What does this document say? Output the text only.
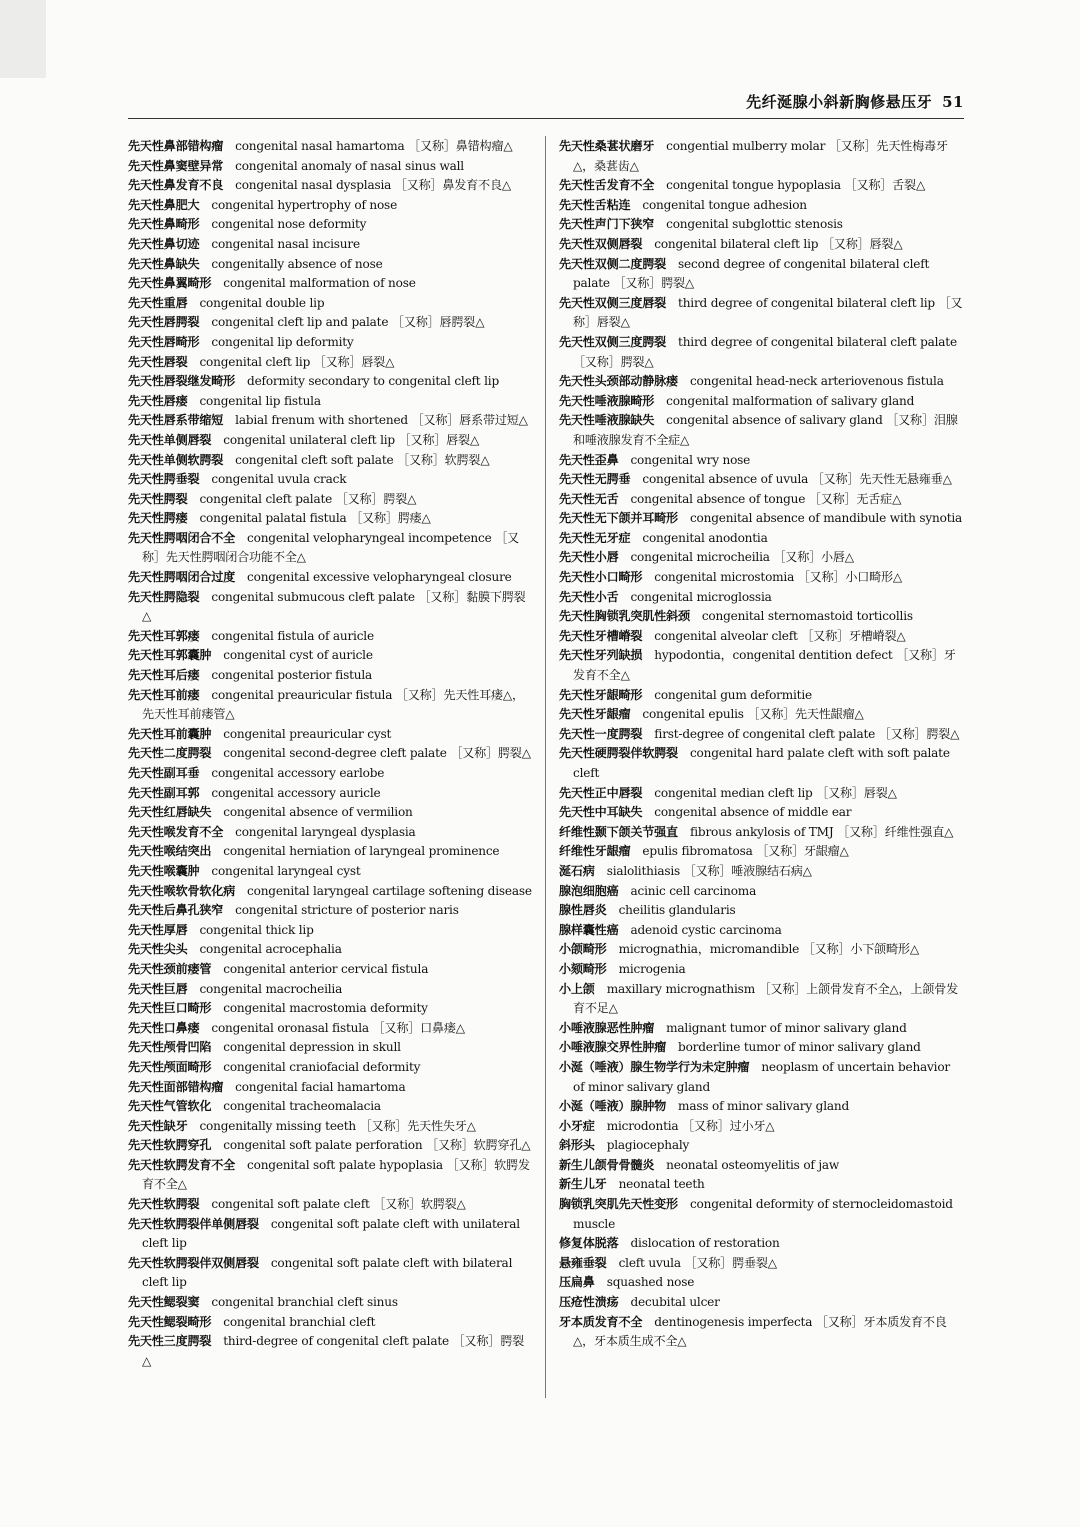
先纤涎腺小斜新胸修悬压牙 51
先天性鼻部错构瘤 congenital nasal hamartoma ［又称］鼻错构瘤△
先天性鼻窦壁异常 congenital anomaly of nasal sinus wall
先天性鼻发育不良 congenital nasal dysplasia ［又称］鼻发育不良△
先天性鼻肥大 congenital hypertrophy of nose
先天性鼻畸形 congenital nose deformity
先天性鼻切迹 congenital nasal incisure
先天性鼻缺失 congenitally absence of nose
先天性鼻翼畸形 congenital malformation of nose
先天性重唇 congenital double lip
先天性唇腭裂 congenital cleft lip and palate ［又称］唇腭裂△
先天性唇畸形 congenital lip deformity
先天性唇裂 congenital cleft lip ［又称］唇裂△
先天性唇裂继发畸形 deformity secondary to congenital cleft lip
先天性唇瘘 congenital lip fistula
先天性唇系带缩短 labial frenum with shortened ［又称］唇系带过短△
先天性单侧唇裂 congenital unilateral cleft lip ［又称］唇裂△
先天性单侧软腭裂 congenital cleft soft palate ［又称］软腭裂△
先天性腭垂裂 congenital uvula crack
先天性腭裂 congenital cleft palate ［又称］腭裂△
先天性腭瘘 congenital palatal fistula ［又称］腭瘘△
先天性腭咽闭合不全 congenital velopharyngeal incompetence ［又称］先天性腭咽闭合功能不全△
先天性腭咽闭合过度 congenital excessive velopharyngeal closure
先天性腭隐裂 congenital submucous cleft palate ［又称］黏膜下腭裂△
先天性耳郭瘘 congenital fistula of auricle
先天性耳郭囊肿 congenital cyst of auricle
先天性耳后瘘 congenital posterior fistula
先天性耳前瘘 congenital preauricular fistula ［又称］先天性耳瘘△，先天性耳前瘘管△
先天性耳前囊肿 congenital preauricular cyst
先天性二度腭裂 congenital second-degree cleft palate ［又称］腭裂△
先天性副耳垂 congenital accessory earlobe
先天性副耳郭 congenital accessory auricle
先天性红唇缺失 congenital absence of vermilion
先天性喉发育不全 congenital laryngeal dysplasia
先天性喉结突出 congenital herniation of laryngeal prominence
先天性喉囊肿 congenital laryngeal cyst
先天性喉软骨软化病 congenital laryngeal cartilage softening disease
先天性后鼻孔狭窄 congenital stricture of posterior naris
先天性厚唇 congenital thick lip
先天性尖头 congenital acrocephalia
先天性颈前瘘管 congenital anterior cervical fistula
先天性巨唇 congenital macrocheilia
先天性巨口畸形 congenital macrostomia deformity
先天性口鼻瘘 congenital oronasal fistula ［又称］口鼻瘘△
先天性颅骨凹陷 congenital depression in skull
先天性颅面畸形 congenital craniofacial deformity
先天性面部错构瘤 congenital facial hamartoma
先天性气管软化 congenital tracheomalacia
先天性缺牙 congenitally missing teeth ［又称］先天性失牙△
先天性软腭穿孔 congenital soft palate perforation ［又称］软腭穿孔△
先天性软腭发育不全 congenital soft palate hypoplasia ［又称］软腭发育不全△
先天性软腭裂 congenital soft palate cleft ［又称］软腭裂△
先天性软腭裂伴单侧唇裂 congenital soft palate cleft with unilateral cleft lip
先天性软腭裂伴双侧唇裂 congenital soft palate cleft with bilateral cleft lip
先天性鳃裂窦 congenital branchial cleft sinus
先天性鳃裂畸形 congenital branchial cleft
先天性三度腭裂 third-degree of congenital cleft palate ［又称］腭裂△
先天性桑葚状磨牙 congential mulberry molar ［又称］先天性梅毒牙△，桑葚齿△
先天性舌发育不全 congenital tongue hypoplasia ［又称］舌裂△
先天性舌粘连 congenital tongue adhesion
先天性声门下狭窄 congenital subglottic stenosis
先天性双侧唇裂 congenital bilateral cleft lip ［又称］唇裂△
先天性双侧二度腭裂 second degree of congenital bilateral cleft palate ［又称］腭裂△
先天性双侧三度唇裂 third degree of congenital bilateral cleft lip ［又称］唇裂△
先天性双侧三度腭裂 third degree of congenital bilateral cleft palate ［又称］腭裂△
先天性头颈部动静脉瘘 congenital head-neck arteriovenous fistula
先天性唾液腺畸形 congenital malformation of salivary gland
先天性唾液腺缺失 congenital absence of salivary gland ［又称］泪腺和唾液腺发育不全症△
先天性歪鼻 congenital wry nose
先天性无腭垂 congenital absence of uvula ［又称］先天性无悬雍垂△
先天性无舌 congenital absence of tongue ［又称］无舌症△
先天性无下颌并耳畸形 congenital absence of mandibule with synotia
先天性无牙症 congenital anodontia
先天性小唇 congenital microcheilia ［又称］小唇△
先天性小口畸形 congenital microstomia ［又称］小口畸形△
先天性小舌 congenital microglossia
先天性胸锁乳突肌性斜颈 congenital sternomastoid torticollis
先天性牙槽嵴裂 congenital alveolar cleft ［又称］牙槽嵴裂△
先天性牙列缺损 hypodontia，congenital dentition defect ［又称］牙发育不全△
先天性牙龈畸形 congenital gum deformitie
先天性牙龈瘤 congenital epulis ［又称］先天性龈瘤△
先天性一度腭裂 first-degree of congenital cleft palate ［又称］腭裂△
先天性硬腭裂伴软腭裂 congenital hard palate cleft with soft palate cleft
先天性正中唇裂 congenital median cleft lip ［又称］唇裂△
先天性中耳缺失 congenital absence of middle ear
纤维性颞下颌关节强直 fibrous ankylosis of TMJ ［又称］纤维性强直△
纤维性牙龈瘤 epulis fibromatosa ［又称］牙龈瘤△
涎石病 sialolithiasis ［又称］唾液腺结石病△
腺泡细胞癌 acinic cell carcinoma
腺性唇炎 cheilitis glandularis
腺样囊性癌 adenoid cystic carcinoma
小颌畸形 micrognathia，micromandible ［又称］小下颌畸形△
小颏畸形 microgenia
小上颌 maxillary micrognathism ［又称］上颌骨发育不全△，上颌骨发育不足△
小唾液腺恶性肿瘤 malignant tumor of minor salivary gland
小唾液腺交界性肿瘤 borderline tumor of minor salivary gland
小涎（唾液）腺生物学行为未定肿瘤 neoplasm of uncertain behavior of minor salivary gland
小涎（唾液）腺肿物 mass of minor salivary gland
小牙症 microdontia ［又称］过小牙△
斜形头 plagiocephaly
新生儿颌骨骨髓炎 neonatal osteomyelitis of jaw
新生儿牙 neonatal teeth
胸锁乳突肌先天性变形 congenital deformity of sternocleidomastoid muscle
修复体脱落 dislocation of restoration
悬雍垂裂 cleft uvula ［又称］腭垂裂△
压扁鼻 squashed nose
压疮性溃疡 decubital ulcer
牙本质发育不全 dentinogenesis imperfecta ［又称］牙本质发育不良△，牙本质生成不全△
